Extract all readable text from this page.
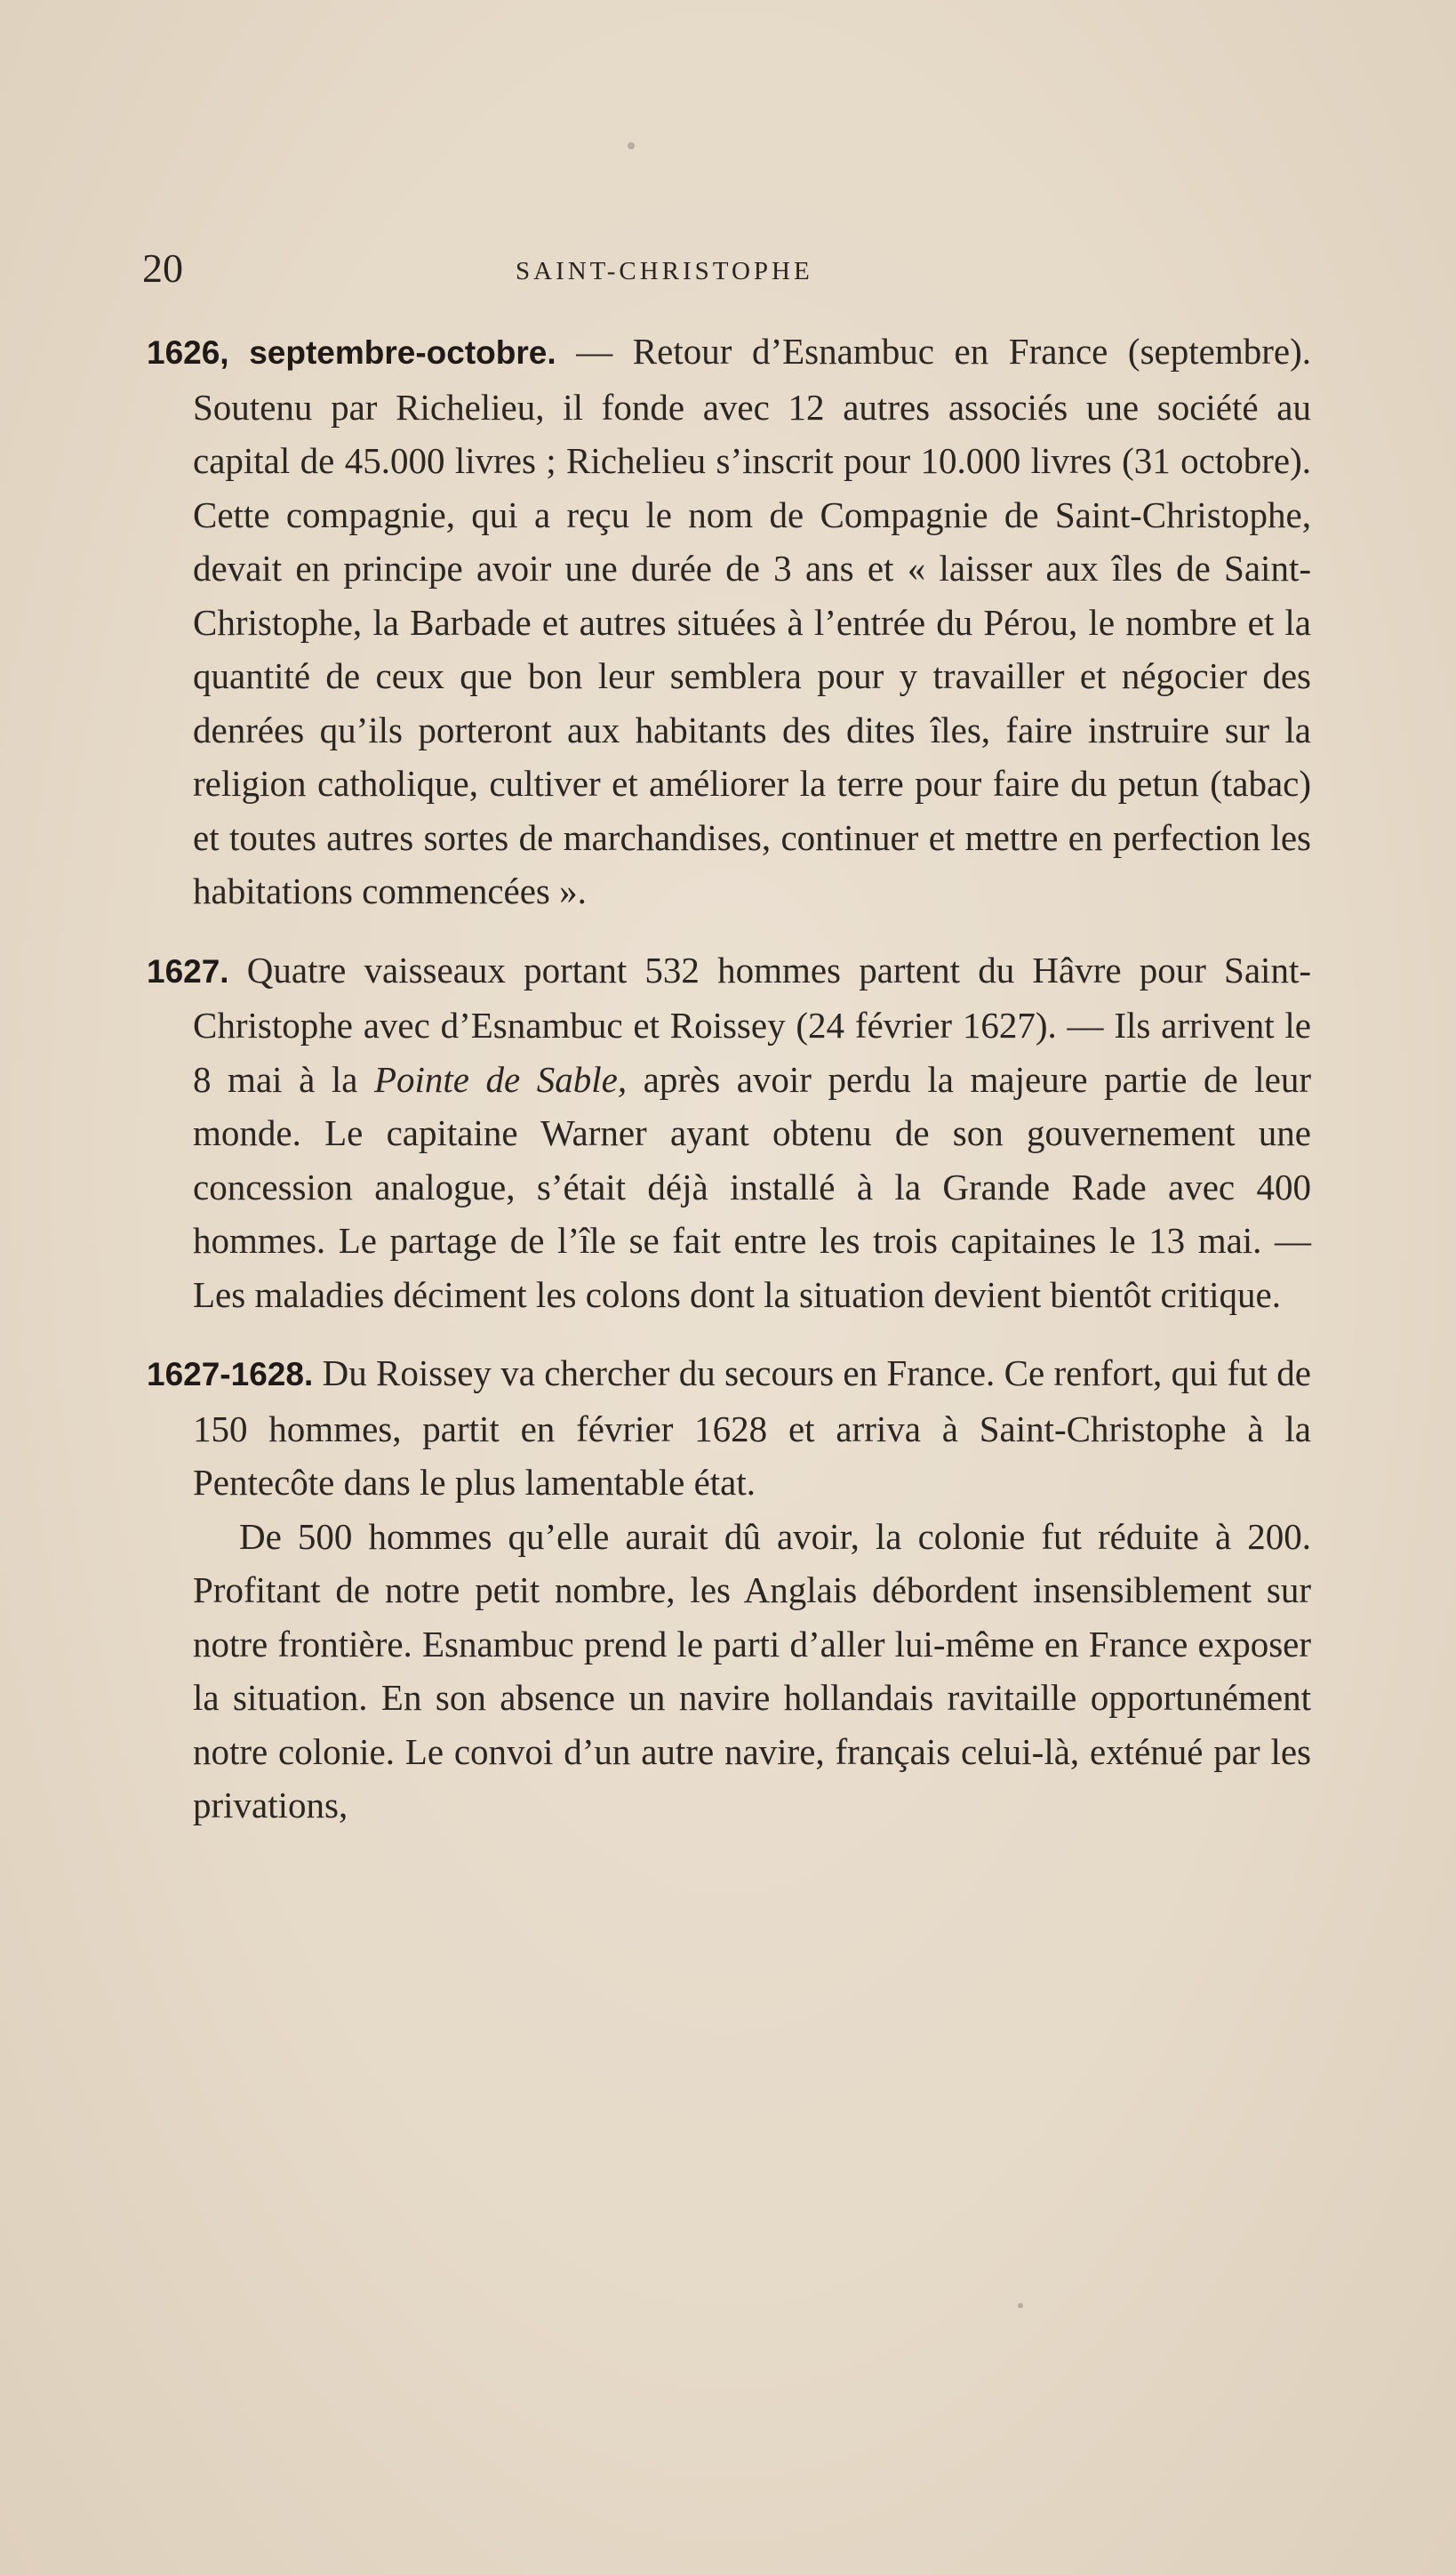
20	SAINT-CHRISTOPHE

1626, septembre-octobre. — Retour d’Esnambuc en France (septembre). Soutenu par Richelieu, il fonde avec 12 autres associés une société au capital de 45.000 livres ; Richelieu s’inscrit pour 10.000 livres (31 octobre). Cette compagnie, qui a reçu le nom de Compagnie de Saint-Christophe, devait en principe avoir une durée de 3 ans et « laisser aux îles de Saint-Christophe, la Barbade et autres situées à l’entrée du Pérou, le nombre et la quantité de ceux que bon leur semblera pour y travailler et négocier des denrées qu’ils porteront aux habitants des dites îles, faire instruire sur la religion catholique, cultiver et améliorer la terre pour faire du petun (tabac) et toutes autres sortes de marchandises, continuer et mettre en perfection les habitations commencées ».

1627. Quatre vaisseaux portant 532 hommes partent du Hâvre pour Saint-Christophe avec d’Esnambuc et Roissey (24 février 1627). — Ils arrivent le 8 mai à la Pointe de Sable, après avoir perdu la majeure partie de leur monde. Le capitaine Warner ayant obtenu de son gouvernement une concession analogue, s’était déjà installé à la Grande Rade avec 400 hommes. Le partage de l’île se fait entre les trois capitaines le 13 mai. — Les maladies déciment les colons dont la situation devient bientôt critique.

1627-1628. Du Roissey va chercher du secours en France. Ce renfort, qui fut de 150 hommes, partit en février 1628 et arriva à Saint-Christophe à la Pentecôte dans le plus lamentable état.

De 500 hommes qu’elle aurait dû avoir, la colonie fut réduite à 200. Profitant de notre petit nombre, les Anglais débordent insensiblement sur notre frontière. Esnambuc prend le parti d’aller lui-même en France exposer la situation. En son absence un navire hollandais ravitaille opportunément notre colonie. Le convoi d’un autre navire, français celui-là, exténué par les privations,
